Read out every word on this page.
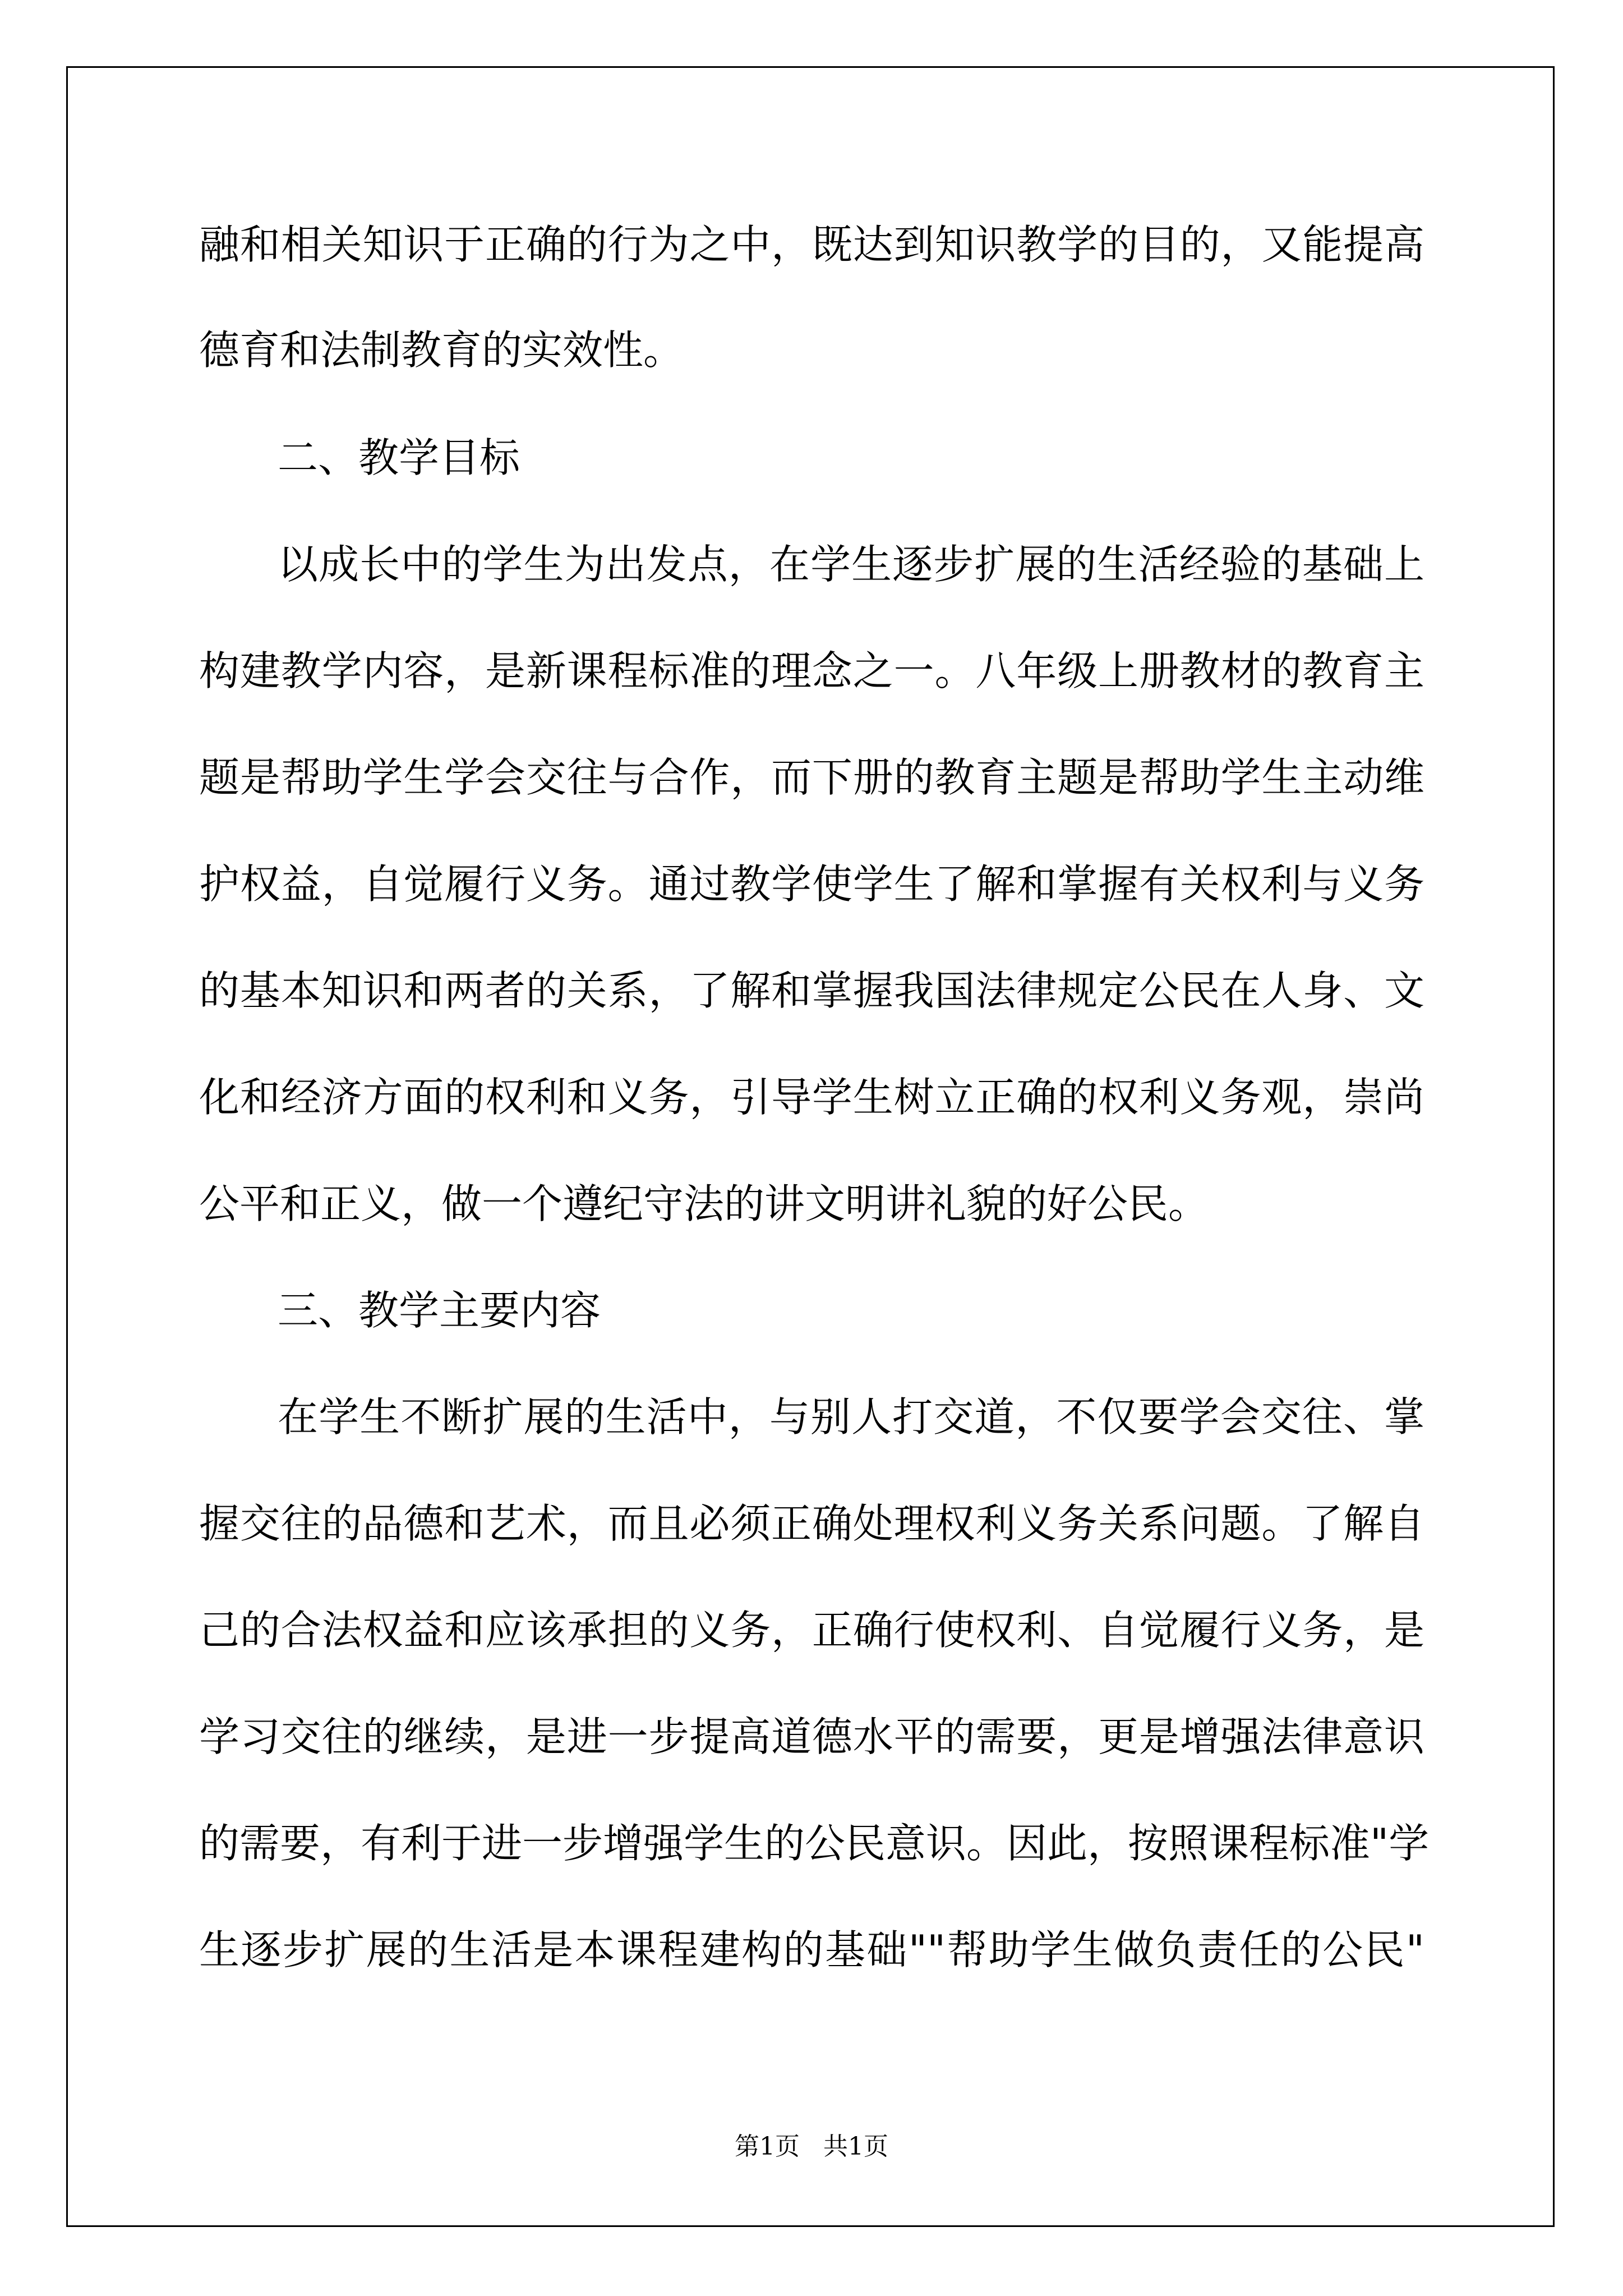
融和相关知识于正确的行为之中，既达到知识教学的目的，又能提高
德育和法制教育的实效性。
二、教学目标
以成长中的学生为出发点，在学生逐步扩展的生活经验的基础上
构建教学内容，是新课程标准的理念之一。八年级上册教材的教育主
题是帮助学生学会交往与合作，而下册的教育主题是帮助学生主动维
护权益，自觉履行义务。通过教学使学生了解和掌握有关权利与义务
的基本知识和两者的关系，了解和掌握我国法律规定公民在人身、文
化和经济方面的权利和义务，引导学生树立正确的权利义务观，崇尚
公平和正义，做一个遵纪守法的讲文明讲礼貌的好公民。
三、教学主要内容
在学生不断扩展的生活中，与别人打交道，不仅要学会交往、掌
握交往的品德和艺术，而且必须正确处理权利义务关系问题。了解自
己的合法权益和应该承担的义务，正确行使权利、自觉履行义务，是
学习交往的继续，是进一步提高道德水平的需要，更是增强法律意识
的需要，有利于进一步增强学生的公民意识。因此，按照课程标准"学
生逐步扩展的生活是本课程建构的基础""帮助学生做负责任的公民"
第1页 共1页
